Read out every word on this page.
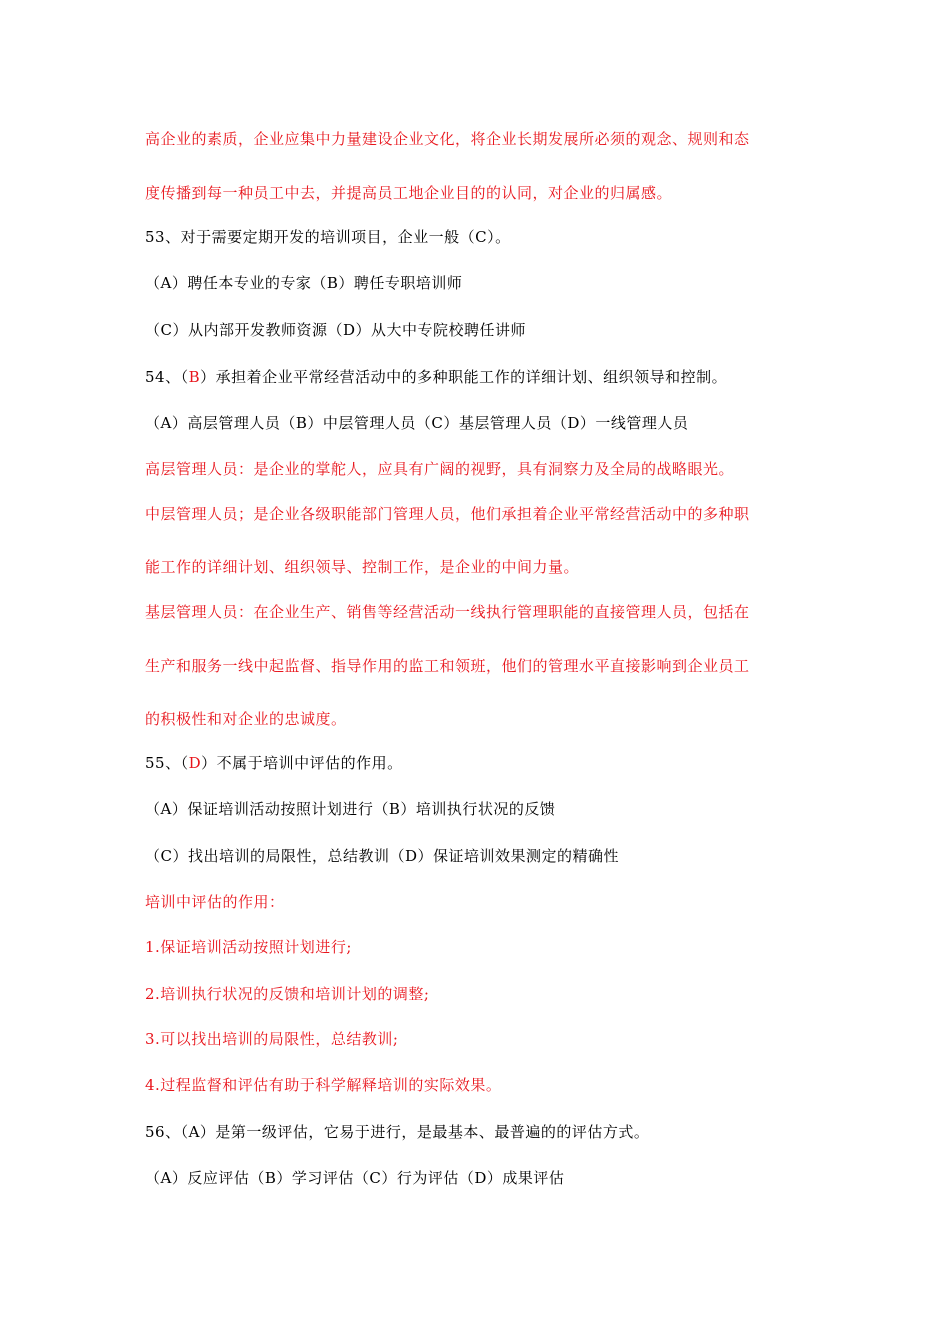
高企业的素质，企业应集中力量建设企业文化，将企业长期发展所必须的观念、规则和态
度传播到每一种员工中去，并提高员工地企业目的的认同，对企业的归属感。
53、对于需要定期开发的培训项目，企业一般（C）。
（A）聘任本专业的专家（B）聘任专职培训师
（C）从内部开发教师资源（D）从大中专院校聘任讲师
54、（B）承担着企业平常经营活动中的多种职能工作的详细计划、组织领导和控制。
（A）高层管理人员（B）中层管理人员（C）基层管理人员（D）一线管理人员
高层管理人员：是企业的掌舵人，应具有广阔的视野，具有洞察力及全局的战略眼光。
中层管理人员；是企业各级职能部门管理人员，他们承担着企业平常经营活动中的多种职
能工作的详细计划、组织领导、控制工作，是企业的中间力量。
基层管理人员：在企业生产、销售等经营活动一线执行管理职能的直接管理人员，包括在
生产和服务一线中起监督、指导作用的监工和领班，他们的管理水平直接影响到企业员工
的积极性和对企业的忠诚度。
55、（D）不属于培训中评估的作用。
（A）保证培训活动按照计划进行（B）培训执行状况的反馈
（C）找出培训的局限性，总结教训（D）保证培训效果测定的精确性
培训中评估的作用：
1.保证培训活动按照计划进行;
2.培训执行状况的反馈和培训计划的调整;
3.可以找出培训的局限性，总结教训;
4.过程监督和评估有助于科学解释培训的实际效果。
56、（A）是第一级评估，它易于进行，是最基本、最普遍的的评估方式。
（A）反应评估（B）学习评估（C）行为评估（D）成果评估
